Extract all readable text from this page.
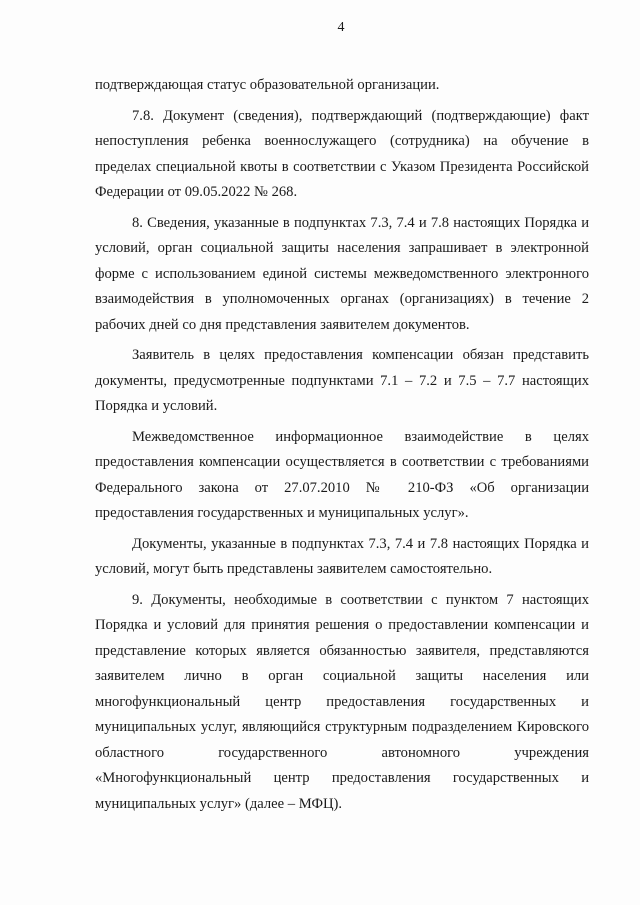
4

подтверждающая статус образовательной организации.

7.8. Документ (сведения), подтверждающий (подтверждающие) факт непоступления ребенка военнослужащего (сотрудника) на обучение в пределах специальной квоты в соответствии с Указом Президента Российской Федерации от 09.05.2022 № 268.

8. Сведения, указанные в подпунктах 7.3, 7.4 и 7.8 настоящих Порядка и условий, орган социальной защиты населения запрашивает в электронной форме с использованием единой системы межведомственного электронного взаимодействия в уполномоченных органах (организациях) в течение 2 рабочих дней со дня представления заявителем документов.

Заявитель в целях предоставления компенсации обязан представить документы, предусмотренные подпунктами 7.1 – 7.2 и 7.5 – 7.7 настоящих Порядка и условий.

Межведомственное информационное взаимодействие в целях предоставления компенсации осуществляется в соответствии с требованиями Федерального закона от 27.07.2010 № 210-ФЗ «Об организации предоставления государственных и муниципальных услуг».

Документы, указанные в подпунктах 7.3, 7.4 и 7.8 настоящих Порядка и условий, могут быть представлены заявителем самостоятельно.

9. Документы, необходимые в соответствии с пунктом 7 настоящих Порядка и условий для принятия решения о предоставлении компенсации и представление которых является обязанностью заявителя, представляются заявителем лично в орган социальной защиты населения или многофункциональный центр предоставления государственных и муниципальных услуг, являющийся структурным подразделением Кировского областного государственного автономного учреждения «Многофункциональный центр предоставления государственных и муниципальных услуг» (далее – МФЦ).
